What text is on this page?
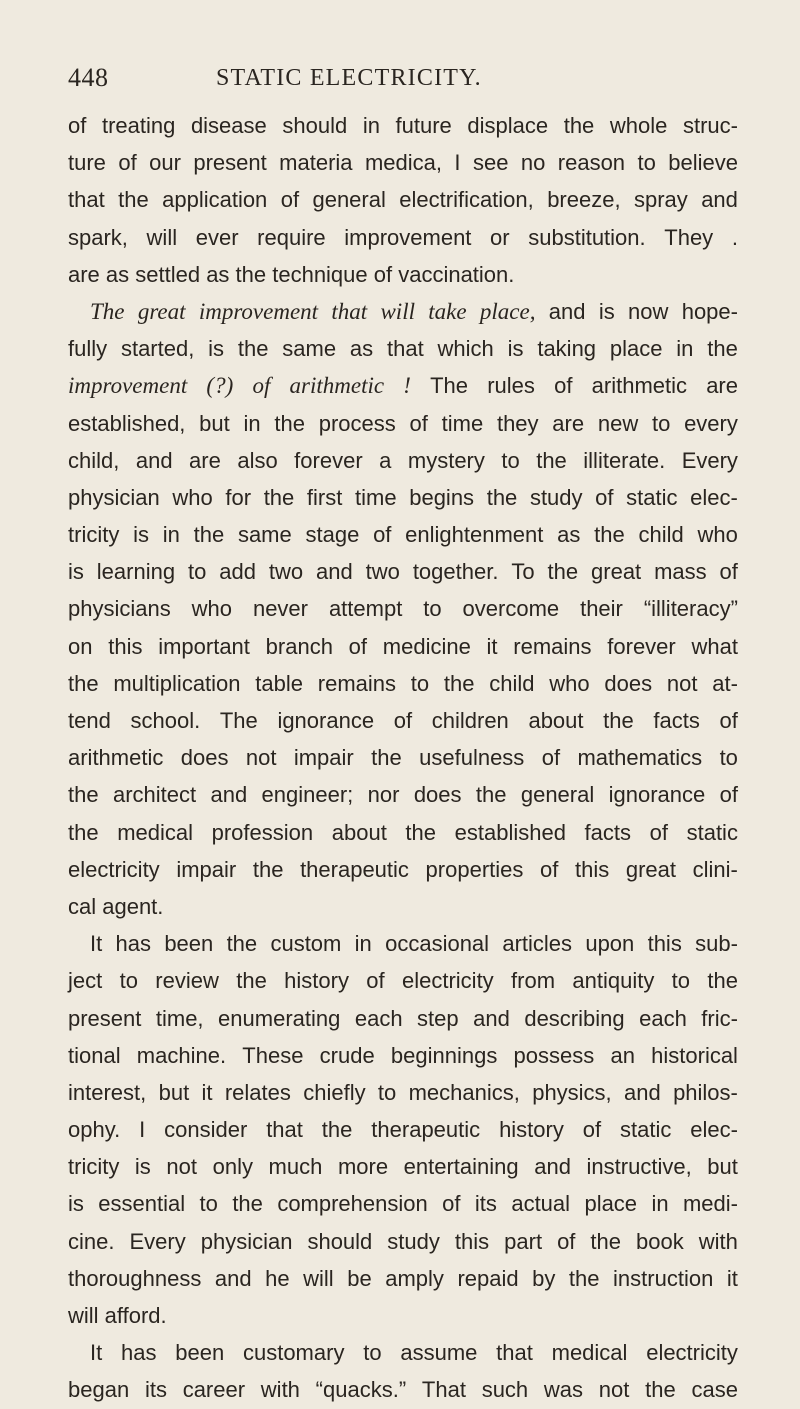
448	STATIC ELECTRICITY.
of treating disease should in future displace the whole struc-
ture of our present materia medica, I see no reason to believe
that the application of general electrification, breeze, spray and
spark, will ever require improvement or substitution. They .
are as settled as the technique of vaccination.
The great improvement that will take place, and is now hope-
fully started, is the same as that which is taking place in the
improvement (?) of arithmetic ! The rules of arithmetic are
established, but in the process of time they are new to every
child, and are also forever a mystery to the illiterate. Every
physician who for the first time begins the study of static elec-
tricity is in the same stage of enlightenment as the child who
is learning to add two and two together. To the great mass of
physicians who never attempt to overcome their “illiteracy”
on this important branch of medicine it remains forever what
the multiplication table remains to the child who does not at-
tend school. The ignorance of children about the facts of
arithmetic does not impair the usefulness of mathematics to
the architect and engineer; nor does the general ignorance of
the medical profession about the established facts of static
electricity impair the therapeutic properties of this great clini-
cal agent.
It has been the custom in occasional articles upon this sub-
ject to review the history of electricity from antiquity to the
present time, enumerating each step and describing each fric-
tional machine. These crude beginnings possess an historical
interest, but it relates chiefly to mechanics, physics, and philos-
ophy. I consider that the therapeutic history of static elec-
tricity is not only much more entertaining and instructive, but
is essential to the comprehension of its actual place in medi-
cine. Every physician should study this part of the book with
thoroughness and he will be amply repaid by the instruction it
will afford.
It has been customary to assume that medical electricity
began its career with “quacks.” That such was not the case
